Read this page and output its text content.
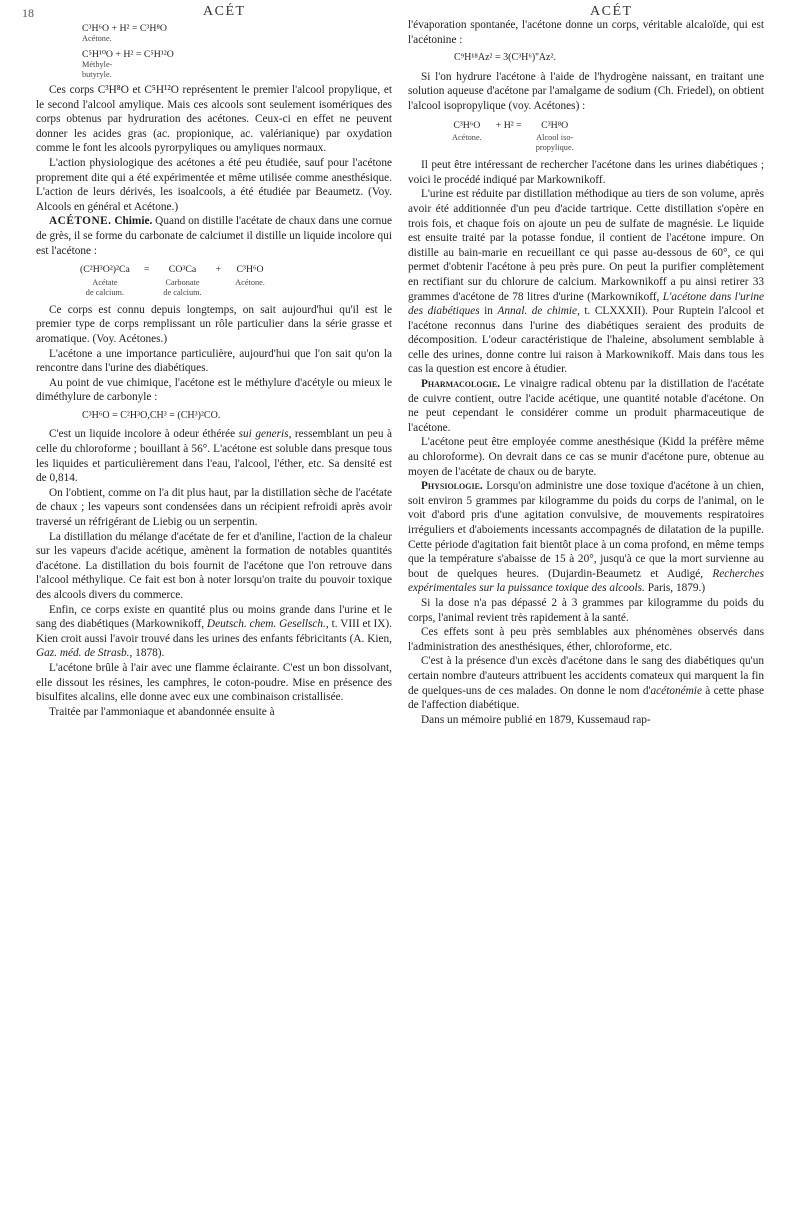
18	ACÉT	ACÉT
C³H⁶O + H² = C³H⁸O
Acétone.
C⁵H¹⁰O + H² = C⁵H¹²O
Méthyle-
butyryle.

Ces corps C³H⁸O et C⁵H¹²O représentent le premier l'alcool propylique, et le second l'alcool amylique. Mais ces alcools sont seulement isomériques des corps obtenus par hydruration des acétones. Ceux-ci en effet ne peuvent donner les acides gras (ac. propionique, ac. valérianique) par oxydation comme le font les alcools pyrorpyliques ou amyliques normaux.

L'action physiologique des acétones a été peu étudiée, sauf pour l'acétone proprement dite qui a été expérimentée et même utilisée comme anesthésique. L'action de leurs dérivés, les isoalcools, a été étudiée par Beaumetz. (Voy. Alcools en général et Acétone.)

ACÉTONE. Chimie. Quand on distille l'acétate de chaux dans une cornue de grès, il se forme du carbonate de calciumet il distille un liquide incolore qui est l'acétone :

(C²H³O²)²Ca	=	CO³Ca	+	C³H⁶O
Acétate		Carbonate		Acétone.
de calcium.		de calcium.		

Ce corps est connu depuis longtemps, on sait aujourd'hui qu'il est le premier type de corps remplissant un rôle particulier dans la série grasse et aromatique. (Voy. Acétones.)

L'acétone a une importance particulière, aujourd'hui que l'on sait qu'on la rencontre dans l'urine des diabétiques.

Au point de vue chimique, l'acétone est le méthylure d'acétyle ou mieux le diméthylure de carbonyle :

C³H⁶O = C²H³O,CH³ = (CH³)²CO.

C'est un liquide incolore à odeur éthérée sui generis, ressemblant un peu à celle du chloroforme ; bouillant à 56°. L'acétone est soluble dans presque tous les liquides et particulièrement dans l'eau, l'alcool, l'éther, etc. Sa densité est de 0,814.

On l'obtient, comme on l'a dit plus haut, par la distillation sèche de l'acétate de chaux ; les vapeurs sont condensées dans un récipient refroidi après avoir traversé un réfrigérant de Liebig ou un serpentin.

La distillation du mélange d'acétate de fer et d'aniline, l'action de la chaleur sur les vapeurs d'acide acétique, amènent la formation de notables quantités d'acétone. La distillation du bois fournit de l'acétone que l'on retrouve dans l'alcool méthylique. Ce fait est bon à noter lorsqu'on traite du pouvoir toxique des alcools divers du commerce.

Enfin, ce corps existe en quantité plus ou moins grande dans l'urine et le sang des diabétiques (Markownikoff, Deutsch. chem. Gesellsch., t. VIII et IX). Kien croit aussi l'avoir trouvé dans les urines des enfants fébricitants (A. Kien, Gaz. méd. de Strasb., 1878).

L'acétone brûle à l'air avec une flamme éclairante. C'est un bon dissolvant, elle dissout les résines, les camphres, le coton-poudre. Mise en présence des bisulfites alcalins, elle donne avec eux une combinaison cristallisée.

Traitée par l'ammoniaque et abandonnée ensuite à

l'évaporation spontanée, l'acétone donne un corps, véritable alcaloïde, qui est l'acétonine :

C⁹H¹⁸Az² = 3(C³H⁶)''Az².

Si l'on hydrure l'acétone à l'aide de l'hydrogène naissant, en traitant une solution aqueuse d'acétone par l'amalgame de sodium (Ch. Friedel), on obtient l'alcool isopropylique (voy. Acétones) :

C³H⁶O	+ H² =	C³H⁸O
Acétone.		Alcool iso-
		propylique.

Il peut être intéressant de rechercher l'acétone dans les urines diabétiques ; voici le procédé indiqué par Markownikoff.

L'urine est réduite par distillation méthodique au tiers de son volume, après avoir été additionnée d'un peu d'acide tartrique. Cette distillation s'opère en trois fois, et chaque fois on ajoute un peu de sulfate de magnésie. Le liquide est ensuite traité par la potasse fondue, il contient de l'acétone impure. On distille au bain-marie en recueillant ce qui passe au-dessous de 60°, ce qui permet d'obtenir l'acétone à peu près pure. On peut la purifier complètement en rectifiant sur du chlorure de calcium. Markownikoff a pu ainsi retirer 33 grammes d'acétone de 78 litres d'urine (Markownikoff, L'acétone dans l'urine des diabétiques in Annal. de chimie, t. CLXXXII). Pour Ruptein l'alcool et l'acétone reconnus dans l'urine des diabétiques seraient des produits de décomposition. L'odeur caractéristique de l'haleine, absolument semblable à celle des urines, donne contre lui raison à Markownikoff. Mais dans tous les cas la question est encore à étudier.

Pharmacologie. Le vinaigre radical obtenu par la distillation de l'acétate de cuivre contient, outre l'acide acétique, une quantité notable d'acétone. On ne peut cependant le considérer comme un produit pharmaceutique de l'acétone.

L'acétone peut être employée comme anesthésique (Kidd la préfère même au chloroforme). On devrait dans ce cas se munir d'acétone pure, obtenue au moyen de l'acétate de chaux ou de baryte.

Physiologie. Lorsqu'on administre une dose toxique d'acétone à un chien, soit environ 5 grammes par kilogramme du poids du corps de l'animal, on le voit d'abord pris d'une agitation convulsive, de mouvements respiratoires irréguliers et d'aboiements incessants accompagnés de dilatation de la pupille. Cette période d'agitation fait bientôt place à un coma profond, en même temps que la température s'abaisse de 15 à 20°, jusqu'à ce que la mort survienne au bout de quelques heures. (Dujardin-Beaumetz et Audigé, Recherches expérimentales sur la puissance toxique des alcools. Paris, 1879.)

Si la dose n'a pas dépassé 2 à 3 grammes par kilogramme du poids du corps, l'animal revient très rapidement à la santé.

Ces effets sont à peu près semblables aux phénomènes observés dans l'administration des anesthésiques, éther, chloroforme, etc.

C'est à la présence d'un excès d'acétone dans le sang des diabétiques qu'un certain nombre d'auteurs attribuent les accidents comateux qui marquent la fin de quelques-uns de ces malades. On donne le nom d'acétonémie à cette phase de l'affection diabétique.

Dans un mémoire publié en 1879, Kussemaud rap-
